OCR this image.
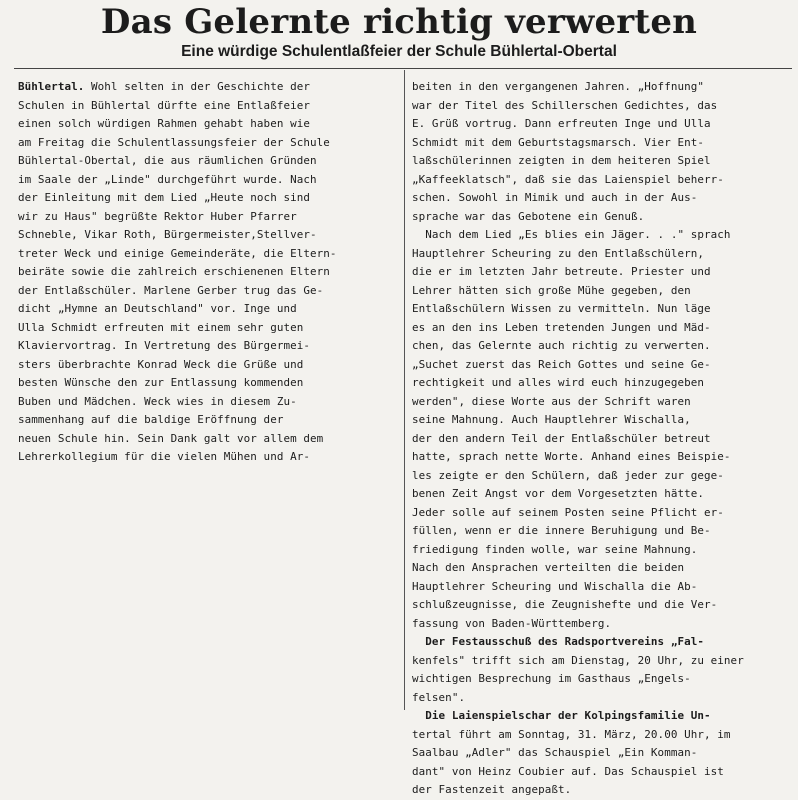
Das Gelernte richtig verwerten
Eine würdige Schulentlaßfeier der Schule Bühlertal-Obertal
Bühlertal. Wohl selten in der Geschichte der
Schulen in Bühlertal dürfte eine Entlaßfeier
einen solch würdigen Rahmen gehabt haben wie
am Freitag die Schulentlassungsfeier der Schule
Bühlertal-Obertal, die aus räumlichen Gründen
im Saale der „Linde" durchgeführt wurde. Nach
der Einleitung mit dem Lied „Heute noch sind
wir zu Haus" begrüßte Rektor Huber Pfarrer
Schneble, Vikar Roth, Bürgermeister,Stellver-
treter Weck und einige Gemeinderäte, die Eltern-
beiräte sowie die zahlreich erschienenen Eltern
der Entlaßschüler. Marlene Gerber trug das Ge-
dicht „Hymne an Deutschland" vor. Inge und
Ulla Schmidt erfreuten mit einem sehr guten
Klaviervortrag. In Vertretung des Bürgermei-
sters überbrachte Konrad Weck die Grüße und
besten Wünsche den zur Entlassung kommenden
Buben und Mädchen. Weck wies in diesem Zu-
sammenhang auf die baldige Eröffnung der
neuen Schule hin. Sein Dank galt vor allem dem
Lehrerkollegium für die vielen Mühen und Ar-
beiten in den vergangenen Jahren. „Hoffnung"
war der Titel des Schillerschen Gedichtes, das
E. Grüß vortrug. Dann erfreuten Inge und Ulla
Schmidt mit dem Geburtstagsmarsch. Vier Ent-
laßschülerinnen zeigten in dem heiteren Spiel
„Kaffeeklatsch", daß sie das Laienspiel beherr-
schen. Sowohl in Mimik und auch in der Aus-
sprache war das Gebotene ein Genuß.
Nach dem Lied „Es blies ein Jäger. . ." sprach
Hauptlehrer Scheuring zu den Entlaßschülern,
die er im letzten Jahr betreute. Priester und
Lehrer hätten sich große Mühe gegeben, den
Entlaßschülern Wissen zu vermitteln. Nun läge
es an den ins Leben tretenden Jungen und Mäd-
chen, das Gelernte auch richtig zu verwerten.
„Suchet zuerst das Reich Gottes und seine Ge-
rechtigkeit und alles wird euch hinzugegeben
werden", diese Worte aus der Schrift waren
seine Mahnung. Auch Hauptlehrer Wischalla,
der den andern Teil der Entlaßschüler betreut
hatte, sprach nette Worte. Anhand eines Beispie-
les zeigte er den Schülern, daß jeder zur gege-
benen Zeit Angst vor dem Vorgesetzten hätte.
Jeder solle auf seinem Posten seine Pflicht er-
füllen, wenn er die innere Beruhigung und Be-
friedigung finden wolle, war seine Mahnung.
Nach den Ansprachen verteilten die beiden
Hauptlehrer Scheuring und Wischalla die Ab-
schlußzeugnisse, die Zeugnishefte und die Ver-
fassung von Baden-Württemberg.
Der Festausschuß des Radsportvereins „Fal-
kenfels" trifft sich am Dienstag, 20 Uhr, zu einer
wichtigen Besprechung im Gasthaus „Engels-
felsen".
Die Laienspielschar der Kolpingsfamilie Un-
tertal führt am Sonntag, 31. März, 20.00 Uhr, im
Saalbau „Adler" das Schauspiel „Ein Komman-
dant" von Heinz Coubier auf. Das Schauspiel ist
der Fastenzeit angepaßt.
